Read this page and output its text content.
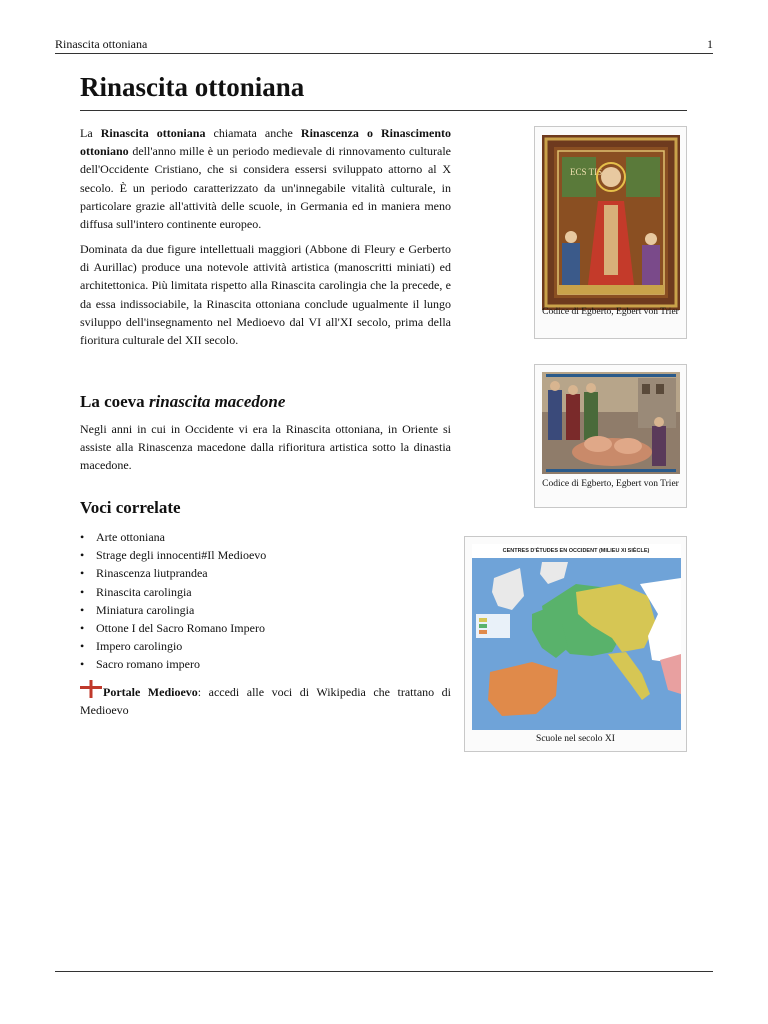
Rinascita ottoniana	1
Rinascita ottoniana

La Rinascita ottoniana chiamata anche Rinascenza o Rinascimento ottoniano dell'anno mille è un periodo medievale di rinnovamento culturale dell'Occidente Cristiano, che si considera essersi sviluppato attorno al X secolo. È un periodo caratterizzato da un'innegabile vitalità culturale, in particolare grazie all'attività delle scuole, in Germania ed in maniera meno diffusa sull'intero continente europeo.

Dominata da due figure intellettuali maggiori (Abbone di Fleury e Gerberto di Aurillac) produce una notevole attività artistica (manoscritti miniati) ed architettonica. Più limitata rispetto alla Rinascita carolingia che la precede, e da essa indissociabile, la Rinascita ottoniana conclude ugualmente il lungo sviluppo dell'insegnamento nel Medioevo dal VI all'XI secolo, prima della fioritura culturale del XII secolo.

La coeva rinascita macedone

Negli anni in cui in Occidente vi era la Rinascita ottoniana, in Oriente si assiste alla Rinascenza macedone dalla rifioritura artistica sotto la dinastia macedone.

Voci correlate
• Arte ottoniana
• Strage degli innocenti#Il Medioevo
• Rinascenza liutprandea
• Rinascita carolingia
• Miniatura carolingia
• Ottone I del Sacro Romano Impero
• Impero carolingio
• Sacro romano impero
Portale Medioevo: accedi alle voci di Wikipedia che trattano di Medioevo
ECS TIS
Codice di Egberto, Egbert von Trier
Codice di Egberto, Egbert von Trier
CENTRES D'ÉTUDES EN OCCIDENT (MILIEU XI SIÈCLE)
Scuole nel secolo XI
